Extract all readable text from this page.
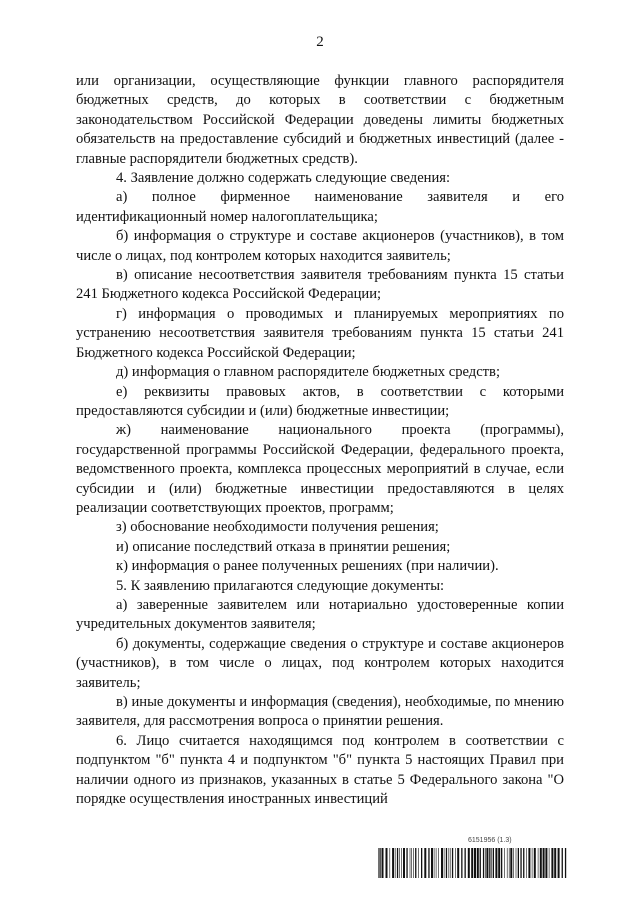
2

или организации, осуществляющие функции главного распорядителя бюджетных средств, до которых в соответствии с бюджетным законодательством Российской Федерации доведены лимиты бюджетных обязательств на предоставление субсидий и бюджетных инвестиций (далее - главные распорядители бюджетных средств).

4. Заявление должно содержать следующие сведения:

а) полное фирменное наименование заявителя и его идентификационный номер налогоплательщика;

б) информация о структуре и составе акционеров (участников), в том числе о лицах, под контролем которых находится заявитель;

в) описание несоответствия заявителя требованиям пункта 15 статьи 241 Бюджетного кодекса Российской Федерации;

г) информация о проводимых и планируемых мероприятиях по устранению несоответствия заявителя требованиям пункта 15 статьи 241 Бюджетного кодекса Российской Федерации;

д) информация о главном распорядителе бюджетных средств;

е) реквизиты правовых актов, в соответствии с которыми предоставляются субсидии и (или) бюджетные инвестиции;

ж) наименование национального проекта (программы), государственной программы Российской Федерации, федерального проекта, ведомственного проекта, комплекса процессных мероприятий в случае, если субсидии и (или) бюджетные инвестиции предоставляются в целях реализации соответствующих проектов, программ;

з) обоснование необходимости получения решения;

и) описание последствий отказа в принятии решения;

к) информация о ранее полученных решениях (при наличии).

5. К заявлению прилагаются следующие документы:

а) заверенные заявителем или нотариально удостоверенные копии учредительных документов заявителя;

б) документы, содержащие сведения о структуре и составе акционеров (участников), в том числе о лицах, под контролем которых находится заявитель;

в) иные документы и информация (сведения), необходимые, по мнению заявителя, для рассмотрения вопроса о принятии решения.

6. Лицо считается находящимся под контролем в соответствии с подпунктом "б" пункта 4 и подпунктом "б" пункта 5 настоящих Правил при наличии одного из признаков, указанных в статье 5 Федерального закона "О порядке осуществления иностранных инвестиций

6151956 (1.3)
